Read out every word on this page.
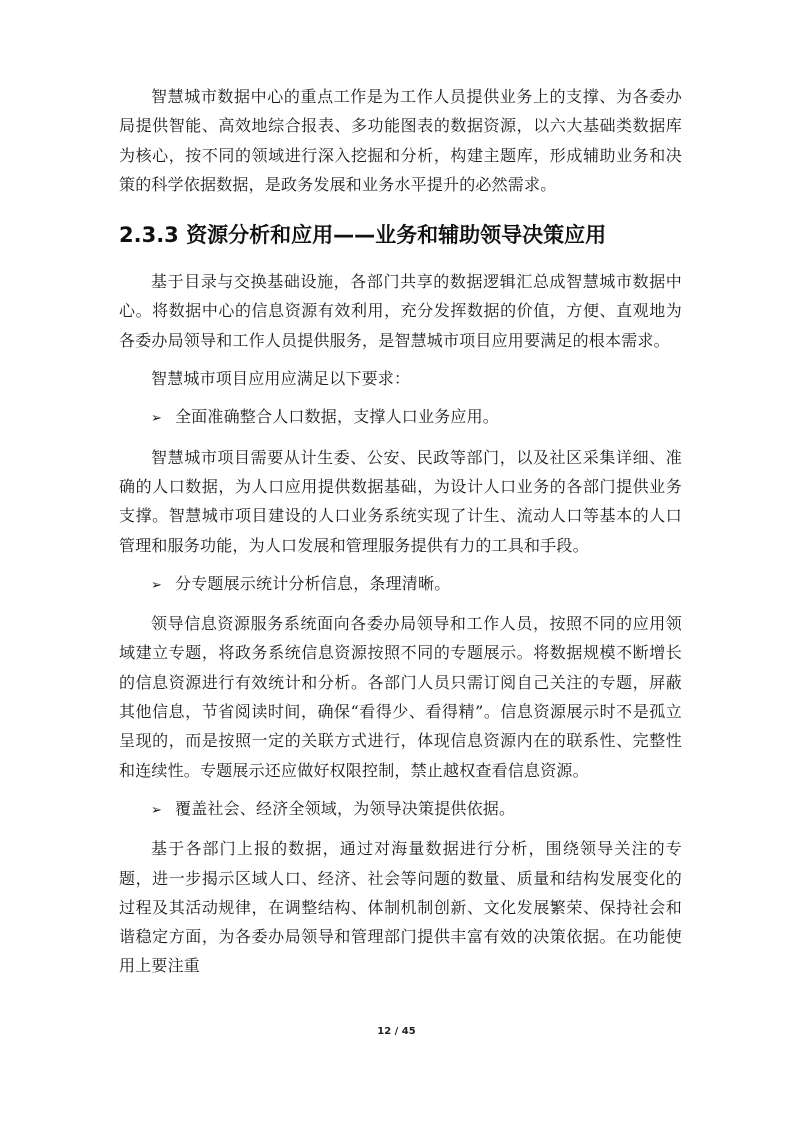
智慧城市数据中心的重点工作是为工作人员提供业务上的支撑、为各委办局提供智能、高效地综合报表、多功能图表的数据资源，以六大基础类数据库为核心，按不同的领域进行深入挖掘和分析，构建主题库，形成辅助业务和决策的科学依据数据，是政务发展和业务水平提升的必然需求。

2.3.3 资源分析和应用——业务和辅助领导决策应用

基于目录与交换基础设施，各部门共享的数据逻辑汇总成智慧城市数据中心。将数据中心的信息资源有效利用，充分发挥数据的价值，方便、直观地为各委办局领导和工作人员提供服务，是智慧城市项目应用要满足的根本需求。

智慧城市项目应用应满足以下要求：

➢ 全面准确整合人口数据，支撑人口业务应用。

智慧城市项目需要从计生委、公安、民政等部门，以及社区采集详细、准确的人口数据，为人口应用提供数据基础，为设计人口业务的各部门提供业务支撑。智慧城市项目建设的人口业务系统实现了计生、流动人口等基本的人口管理和服务功能，为人口发展和管理服务提供有力的工具和手段。

➢ 分专题展示统计分析信息，条理清晰。

领导信息资源服务系统面向各委办局领导和工作人员，按照不同的应用领域建立专题，将政务系统信息资源按照不同的专题展示。将数据规模不断增长的信息资源进行有效统计和分析。各部门人员只需订阅自己关注的专题，屏蔽其他信息，节省阅读时间，确保“看得少、看得精”。信息资源展示时不是孤立呈现的，而是按照一定的关联方式进行，体现信息资源内在的联系性、完整性和连续性。专题展示还应做好权限控制，禁止越权查看信息资源。

➢ 覆盖社会、经济全领域，为领导决策提供依据。

基于各部门上报的数据，通过对海量数据进行分析，围绕领导关注的专题，进一步揭示区域人口、经济、社会等问题的数量、质量和结构发展变化的过程及其活动规律，在调整结构、体制机制创新、文化发展繁荣、保持社会和谐稳定方面，为各委办局领导和管理部门提供丰富有效的决策依据。在功能使用上要注重

12 / 45
